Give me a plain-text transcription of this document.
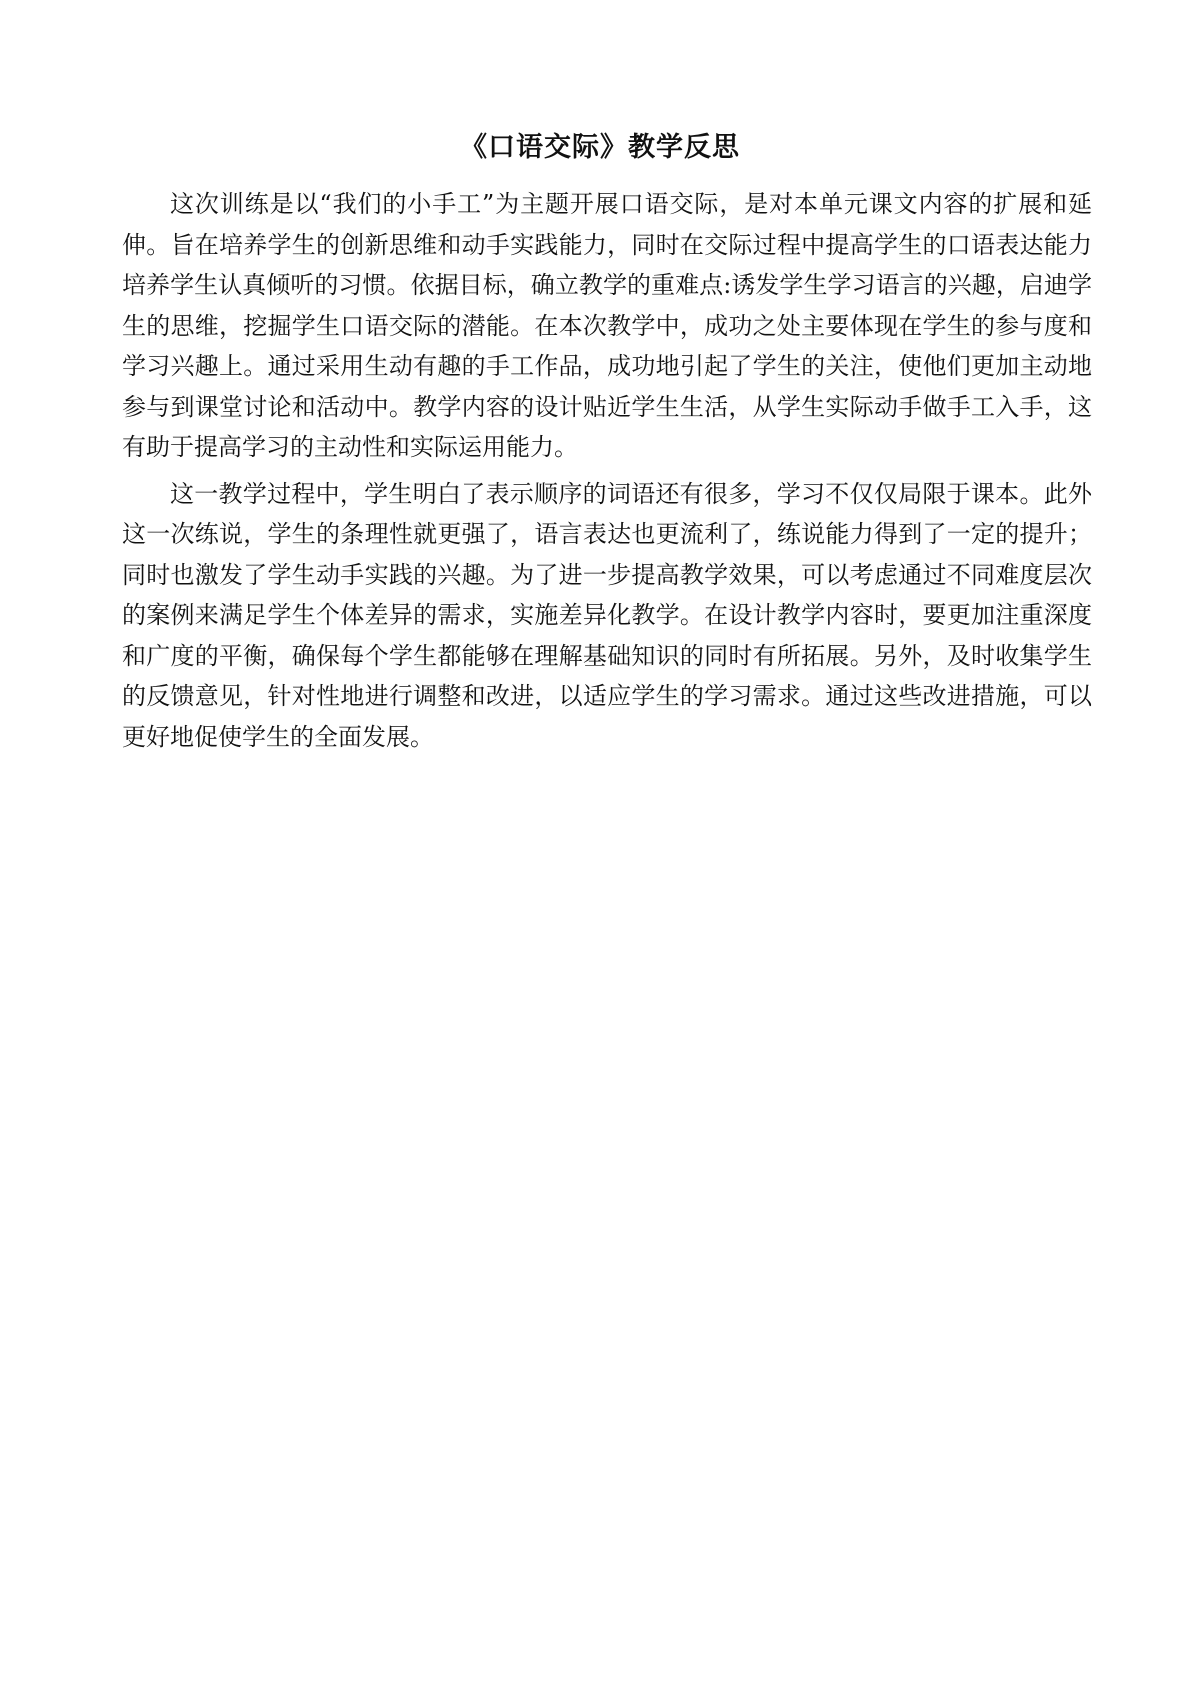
《口语交际》教学反思

这次训练是以“我们的小手工”为主题开展口语交际，是对本单元课文内容的扩展和延伸。旨在培养学生的创新思维和动手实践能力，同时在交际过程中提高学生的口语表达能力培养学生认真倾听的习惯。依据目标，确立教学的重难点:诱发学生学习语言的兴趣，启迪学生的思维，挖掘学生口语交际的潜能。在本次教学中，成功之处主要体现在学生的参与度和学习兴趣上。通过采用生动有趣的手工作品，成功地引起了学生的关注，使他们更加主动地参与到课堂讨论和活动中。教学内容的设计贴近学生生活，从学生实际动手做手工入手，这有助于提高学习的主动性和实际运用能力。

这一教学过程中，学生明白了表示顺序的词语还有很多，学习不仅仅局限于课本。此外这一次练说，学生的条理性就更强了，语言表达也更流利了，练说能力得到了一定的提升；同时也激发了学生动手实践的兴趣。为了进一步提高教学效果，可以考虑通过不同难度层次的案例来满足学生个体差异的需求，实施差异化教学。在设计教学内容时，要更加注重深度和广度的平衡，确保每个学生都能够在理解基础知识的同时有所拓展。另外，及时收集学生的反馈意见，针对性地进行调整和改进，以适应学生的学习需求。通过这些改进措施，可以更好地促使学生的全面发展。
